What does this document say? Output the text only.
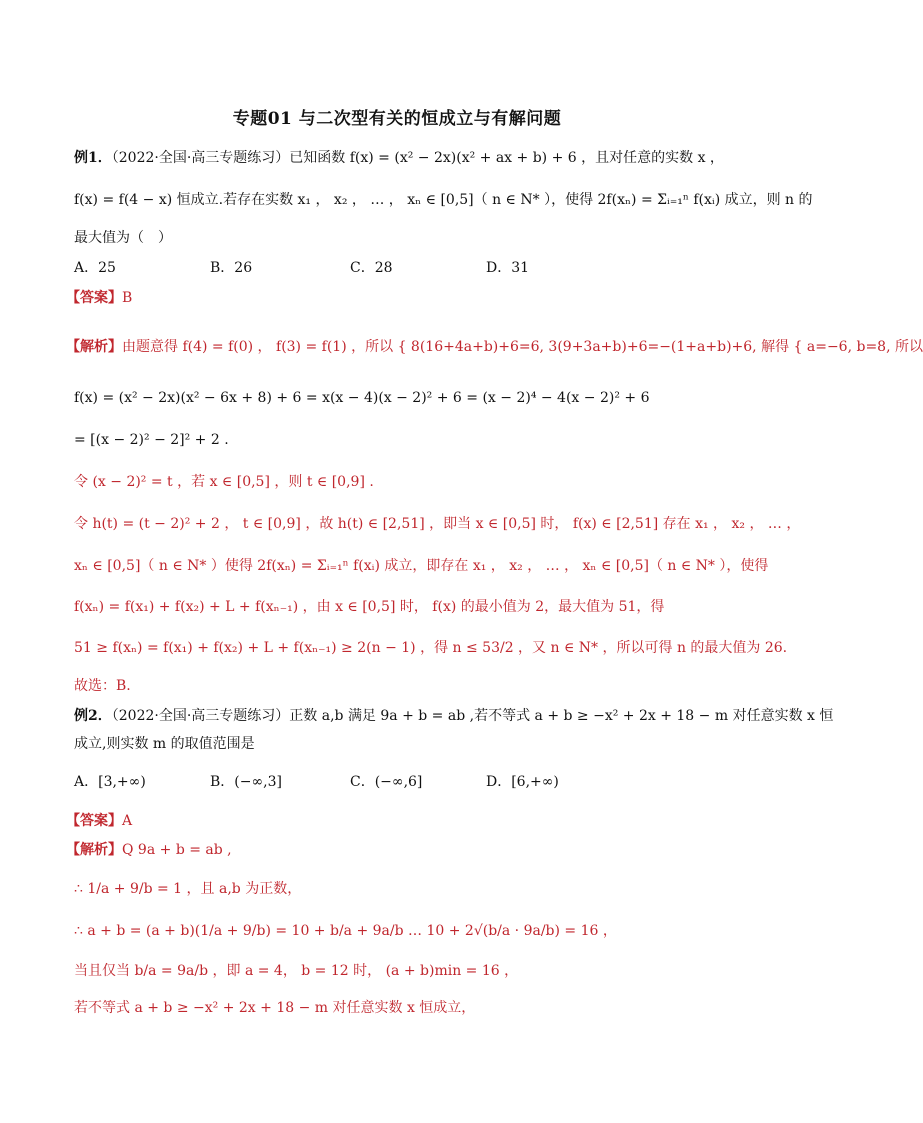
专题01 与二次型有关的恒成立与有解问题
例1．（2022·全国·高三专题练习）已知函数 f(x) = (x² − 2x)(x² + ax + b) + 6 ，且对任意的实数 x ，
f(x) = f(4 − x) 恒成立.若存在实数 x₁ ， x₂ ， … ， xₙ ∈ [0,5]（ n ∈ N* ），使得 2f(xₙ) = Σᵢ₌₁ⁿ f(xᵢ) 成立，则 n 的
最大值为（　）
A．25	B．26	C．28	D．31
【答案】B
【解析】由题意得 f(4) = f(0) ， f(3) = f(1) ，所以 { 8(16+4a+b)+6=6, 3(9+3a+b)+6=−(1+a+b)+6, 解得 { a=−6, b=8, 所以
f(x) = (x² − 2x)(x² − 6x + 8) + 6 = x(x − 4)(x − 2)² + 6 = (x − 2)⁴ − 4(x − 2)² + 6
= [(x − 2)² − 2]² + 2 .
令 (x − 2)² = t ，若 x ∈ [0,5] ，则 t ∈ [0,9] .
令 h(t) = (t − 2)² + 2 ， t ∈ [0,9] ，故 h(t) ∈ [2,51] ，即当 x ∈ [0,5] 时， f(x) ∈ [2,51] 存在 x₁ ， x₂ ， … ，
xₙ ∈ [0,5]（ n ∈ N* ）使得 2f(xₙ) = Σᵢ₌₁ⁿ f(xᵢ) 成立，即存在 x₁ ， x₂ ， … ， xₙ ∈ [0,5]（ n ∈ N* ），使得
f(xₙ) = f(x₁) + f(x₂) + L + f(xₙ₋₁) ，由 x ∈ [0,5] 时， f(x) 的最小值为 2，最大值为 51，得
51 ≥ f(xₙ) = f(x₁) + f(x₂) + L + f(xₙ₋₁) ≥ 2(n − 1) ，得 n ≤ 53/2 ，又 n ∈ N* ，所以可得 n 的最大值为 26.
故选：B.
例2．（2022·全国·高三专题练习）正数 a,b 满足 9a + b = ab ,若不等式 a + b ≥ −x² + 2x + 18 − m 对任意实数 x 恒
成立,则实数 m 的取值范围是
A．[3,+∞)	B．(−∞,3]	C．(−∞,6]	D．[6,+∞)
【答案】A
【解析】Q 9a + b = ab ,
∴ 1/a + 9/b = 1 ，且 a,b 为正数，
∴ a + b = (a + b)(1/a + 9/b) = 10 + b/a + 9a/b … 10 + 2√(b/a · 9a/b) = 16 ，
当且仅当 b/a = 9a/b ，即 a = 4， b = 12 时， (a + b)min = 16 ，
若不等式 a + b ≥ −x² + 2x + 18 − m 对任意实数 x 恒成立，
